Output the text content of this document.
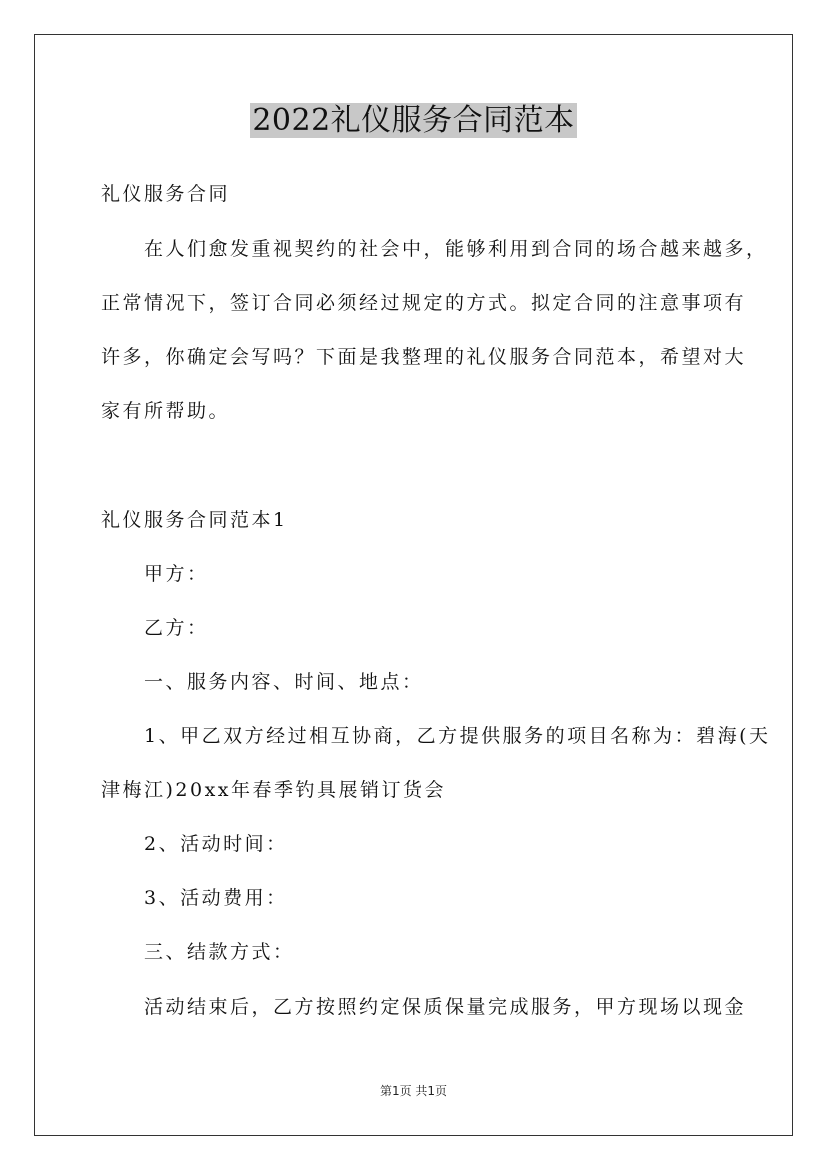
2022礼仪服务合同范本
礼仪服务合同
在人们愈发重视契约的社会中，能够利用到合同的场合越来越多，
正常情况下，签订合同必须经过规定的方式。拟定合同的注意事项有
许多，你确定会写吗？下面是我整理的礼仪服务合同范本，希望对大
家有所帮助。
礼仪服务合同范本1
甲方：
乙方：
一、服务内容、时间、地点：
1、甲乙双方经过相互协商，乙方提供服务的项目名称为：碧海(天
津梅江)20xx年春季钓具展销订货会
2、活动时间：
3、活动费用：
三、结款方式：
活动结束后，乙方按照约定保质保量完成服务，甲方现场以现金
第1页 共1页
